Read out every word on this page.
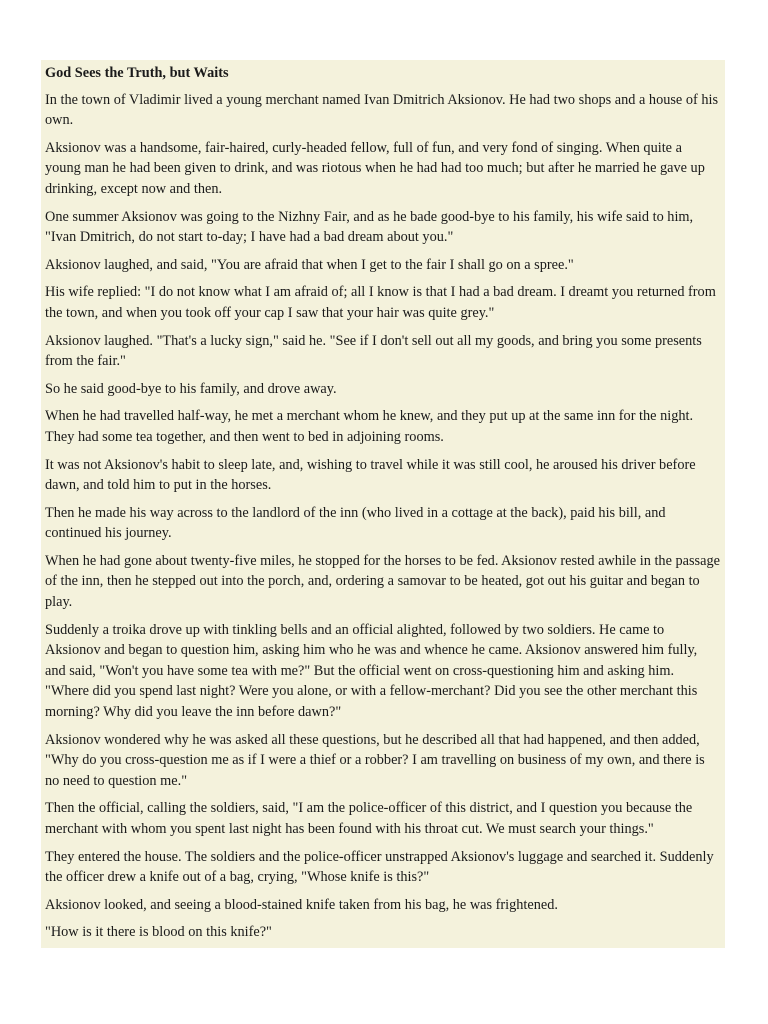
God Sees the Truth, but Waits

In the town of Vladimir lived a young merchant named Ivan Dmitrich Aksionov. He had two shops and a house of his own.

Aksionov was a handsome, fair-haired, curly-headed fellow, full of fun, and very fond of singing. When quite a young man he had been given to drink, and was riotous when he had had too much; but after he married he gave up drinking, except now and then.

One summer Aksionov was going to the Nizhny Fair, and as he bade good-bye to his family, his wife said to him, "Ivan Dmitrich, do not start to-day; I have had a bad dream about you."

Aksionov laughed, and said, "You are afraid that when I get to the fair I shall go on a spree."

His wife replied: "I do not know what I am afraid of; all I know is that I had a bad dream. I dreamt you returned from the town, and when you took off your cap I saw that your hair was quite grey."

Aksionov laughed. "That's a lucky sign," said he. "See if I don't sell out all my goods, and bring you some presents from the fair."

So he said good-bye to his family, and drove away.

When he had travelled half-way, he met a merchant whom he knew, and they put up at the same inn for the night. They had some tea together, and then went to bed in adjoining rooms.

It was not Aksionov's habit to sleep late, and, wishing to travel while it was still cool, he aroused his driver before dawn, and told him to put in the horses.

Then he made his way across to the landlord of the inn (who lived in a cottage at the back), paid his bill, and continued his journey.

When he had gone about twenty-five miles, he stopped for the horses to be fed. Aksionov rested awhile in the passage of the inn, then he stepped out into the porch, and, ordering a samovar to be heated, got out his guitar and began to play.

Suddenly a troika drove up with tinkling bells and an official alighted, followed by two soldiers. He came to Aksionov and began to question him, asking him who he was and whence he came. Aksionov answered him fully, and said, "Won't you have some tea with me?" But the official went on cross-questioning him and asking him. "Where did you spend last night? Were you alone, or with a fellow-merchant? Did you see the other merchant this morning? Why did you leave the inn before dawn?"

Aksionov wondered why he was asked all these questions, but he described all that had happened, and then added, "Why do you cross-question me as if I were a thief or a robber? I am travelling on business of my own, and there is no need to question me."

Then the official, calling the soldiers, said, "I am the police-officer of this district, and I question you because the merchant with whom you spent last night has been found with his throat cut. We must search your things."

They entered the house. The soldiers and the police-officer unstrapped Aksionov's luggage and searched it. Suddenly the officer drew a knife out of a bag, crying, "Whose knife is this?"

Aksionov looked, and seeing a blood-stained knife taken from his bag, he was frightened.

"How is it there is blood on this knife?"
